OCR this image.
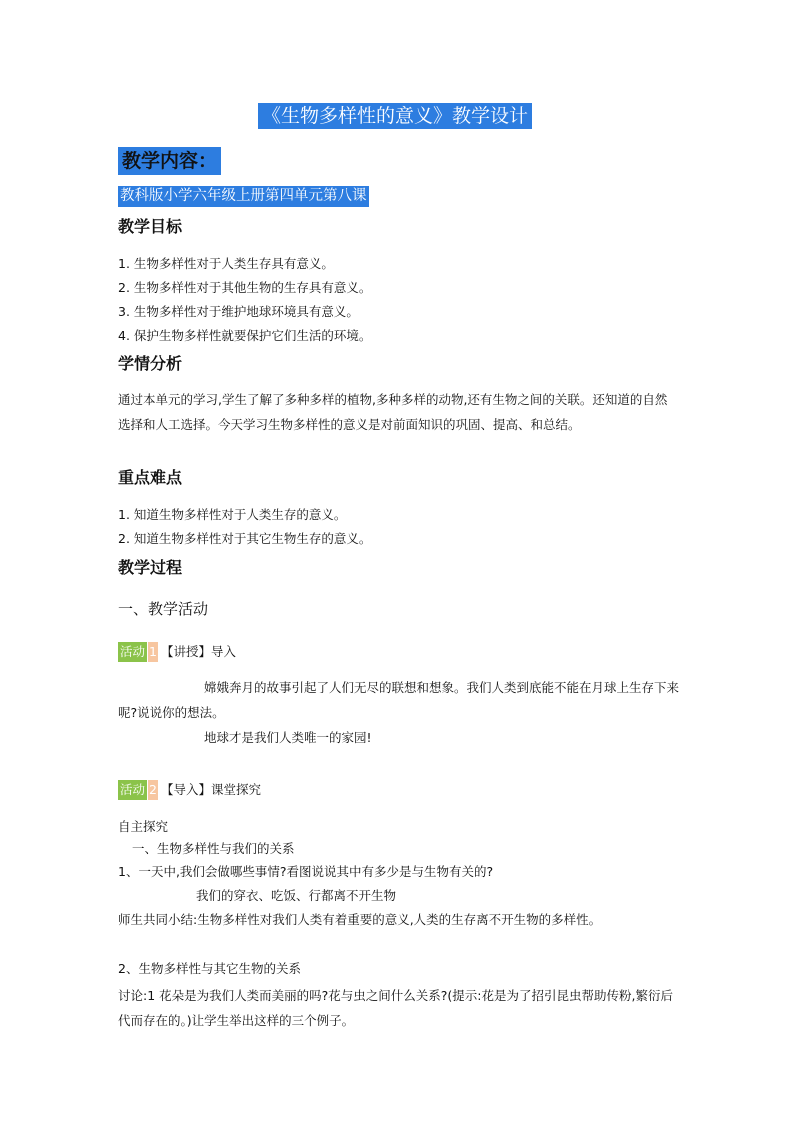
《生物多样性的意义》教学设计
教学内容：
教科版小学六年级上册第四单元第八课
教学目标
1. 生物多样性对于人类生存具有意义。
2. 生物多样性对于其他生物的生存具有意义。
3. 生物多样性对于维护地球环境具有意义。
4. 保护生物多样性就要保护它们生活的环境。
学情分析
通过本单元的学习,学生了解了多种多样的植物,多种多样的动物,还有生物之间的关联。还知道的自然选择和人工选择。今天学习生物多样性的意义是对前面知识的巩固、提高、和总结。
重点难点
1. 知道生物多样性对于人类生存的意义。
2. 知道生物多样性对于其它生物生存的意义。
教学过程
一、教学活动
活动 1 【讲授】导入
嫦娥奔月的故事引起了人们无尽的联想和想象。我们人类到底能不能在月球上生存下来呢?说说你的想法。
地球才是我们人类唯一的家园!
活动 2 【导入】课堂探究
自主探究
一、生物多样性与我们的关系
1、一天中,我们会做哪些事情?看图说说其中有多少是与生物有关的?
我们的穿衣、吃饭、行都离不开生物
师生共同小结:生物多样性对我们人类有着重要的意义,人类的生存离不开生物的多样性。
2、生物多样性与其它生物的关系
讨论:1 花朵是为我们人类而美丽的吗?花与虫之间什么关系?(提示:花是为了招引昆虫帮助传粉,繁衍后代而存在的。)让学生举出这样的三个例子。
